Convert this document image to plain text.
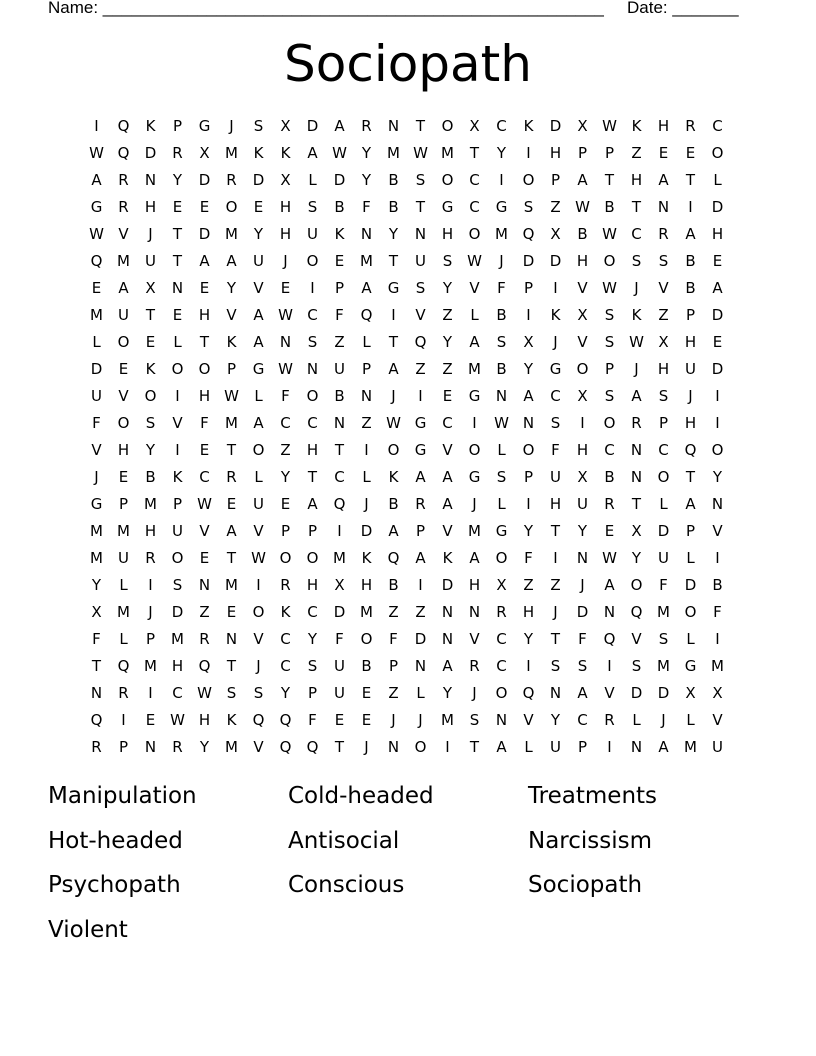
Name: _____________________________________________________ Date: _______
Sociopath
I	Q	K	P	G	J	S	X	D	A	R	N	T	O	X	C	K	D	X W K	H	R	C
W Q	D	R	X	M	K	K	A W Y	M W M	T	Y	I	H	P	P	Z	E	E	O
A	R	N	Y	D	R	D	X	L	D	Y	B	S	O	C	I	O	P	A	T	H	A	T	L
G	R	H	E	E	O	E	H	S	B	F	B	T	G	C	G	S	Z W B	T	N	I	D
W V	J	T	D M	Y	H	U	K	N	Y	N	H	O M Q	X	B W C	R	A	H
Q M	U	T	A	A	U	J	O	E	M	T	U	S W	J	D	D	H	O	S	S	B	E
E	A	X	N	E	Y	V	E	I	P	A	G	S	Y	V	F	P	I	V W	J	V	B	A
M	U	T	E	H	V	A W C	F	Q	I	V	Z	L	B	I	K	X	S	K	Z	P	D
L	O	E	L	T	K	A	N	S	Z	L	T	Q	Y	A	S	X	J	V	S W X	H	E
D	E	K	O	O	P	G W N	U	P	A	Z	Z	M	B	Y	G	O	P	J	H	U	D
U	V	O	I	H W	L	F	O	B	N	J	I	E	G	N	A	C	X	S	A	S	J	I
F	O	S	V	F	M	A	C	C	N	Z W G	C	I	W N	S	I	O	R	P	H	I
V	H	Y	I	E	T	O	Z	H	T	I	O	G	V	O	L	O	F	H	C	N	C	Q	O
J	E	B	K	C	R	L	Y	T	C	L	K	A	A	G	S	P	U	X	B	N	O	T	Y
G	P	M	P	W E	U	E	A	Q	J	B	R	A	J	L	I	H	U	R	T	L	A	N
M M H	U	V	A	V	P	P	I	D	A	P	V	M G	Y	T	Y	E	X	D	P	V
M	U	R	O	E	T	W O	O M	K	Q	A	K	A	O	F	I	N W Y	U	L	I
Y	L	I	S	N M	I	R	H	X	H	B	I	D	H	X	Z	Z	J	A	O	F	D	B
X	M	J	D	Z	E	O	K	C	D M	Z	Z	N	N	R	H	J	D	N	Q M O	F
F	L	P	M	R	N	V	C	Y	F	O	F	D	N	V	C	Y	T	F	Q	V	S	L	I
T	Q M H	Q	T	J	C	S	U	B	P	N	A	R	C	I	S	S	I	S	M G M
N	R	I	C W S	S	Y	P	U	E	Z	L	Y	J	O	Q	N	A	V	D	D	X	X
Q	I	E W H	K	Q	Q	F	E	E	J	J	M	S	N	V	Y	C	R	L	J	L	V
R	P	N	R	Y	M	V	Q	Q	T	J	N	O	I	T	A	L	U	P	I	N	A	M	U
Manipulation	Cold-headed	Treatments
Hot-headed	Antisocial	Narcissism
Psychopath	Conscious	Sociopath
Violent
